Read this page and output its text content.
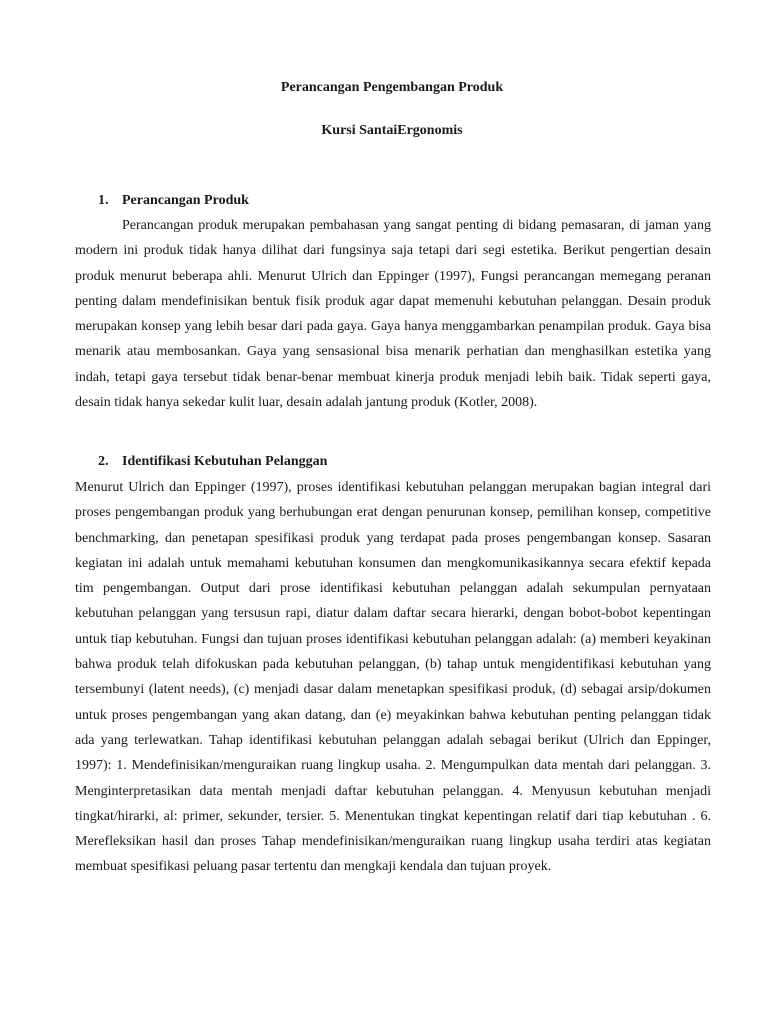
Perancangan Pengembangan Produk
Kursi SantaiErgonomis
1. Perancangan Produk

Perancangan produk merupakan pembahasan yang sangat penting di bidang pemasaran, di jaman yang modern ini produk tidak hanya dilihat dari fungsinya saja tetapi dari segi estetika. Berikut pengertian desain produk menurut beberapa ahli. Menurut Ulrich dan Eppinger (1997), Fungsi perancangan memegang peranan penting dalam mendefinisikan bentuk fisik produk agar dapat memenuhi kebutuhan pelanggan. Desain produk merupakan konsep yang lebih besar dari pada gaya. Gaya hanya menggambarkan penampilan produk. Gaya bisa menarik atau membosankan. Gaya yang sensasional bisa menarik perhatian dan menghasilkan estetika yang indah, tetapi gaya tersebut tidak benar-benar membuat kinerja produk menjadi lebih baik. Tidak seperti gaya, desain tidak hanya sekedar kulit luar, desain adalah jantung produk (Kotler, 2008).

2. Identifikasi Kebutuhan Pelanggan

Menurut Ulrich dan Eppinger (1997), proses identifikasi kebutuhan pelanggan merupakan bagian integral dari proses pengembangan produk yang berhubungan erat dengan penurunan konsep, pemilihan konsep, competitive benchmarking, dan penetapan spesifikasi produk yang terdapat pada proses pengembangan konsep. Sasaran kegiatan ini adalah untuk memahami kebutuhan konsumen dan mengkomunikasikannya secara efektif kepada tim pengembangan. Output dari prose identifikasi kebutuhan pelanggan adalah sekumpulan pernyataan kebutuhan pelanggan yang tersusun rapi, diatur dalam daftar secara hierarki, dengan bobot-bobot kepentingan untuk tiap kebutuhan. Fungsi dan tujuan proses identifikasi kebutuhan pelanggan adalah: (a) memberi keyakinan bahwa produk telah difokuskan pada kebutuhan pelanggan, (b) tahap untuk mengidentifikasi kebutuhan yang tersembunyi (latent needs), (c) menjadi dasar dalam menetapkan spesifikasi produk, (d) sebagai arsip/dokumen untuk proses pengembangan yang akan datang, dan (e) meyakinkan bahwa kebutuhan penting pelanggan tidak ada yang terlewatkan. Tahap identifikasi kebutuhan pelanggan adalah sebagai berikut (Ulrich dan Eppinger, 1997): 1. Mendefinisikan/menguraikan ruang lingkup usaha. 2. Mengumpulkan data mentah dari pelanggan. 3. Menginterpretasikan data mentah menjadi daftar kebutuhan pelanggan. 4. Menyusun kebutuhan menjadi tingkat/hirarki, al: primer, sekunder, tersier. 5. Menentukan tingkat kepentingan relatif dari tiap kebutuhan . 6. Merefleksikan hasil dan proses Tahap mendefinisikan/menguraikan ruang lingkup usaha terdiri atas kegiatan membuat spesifikasi peluang pasar tertentu dan mengkaji kendala dan tujuan proyek.
